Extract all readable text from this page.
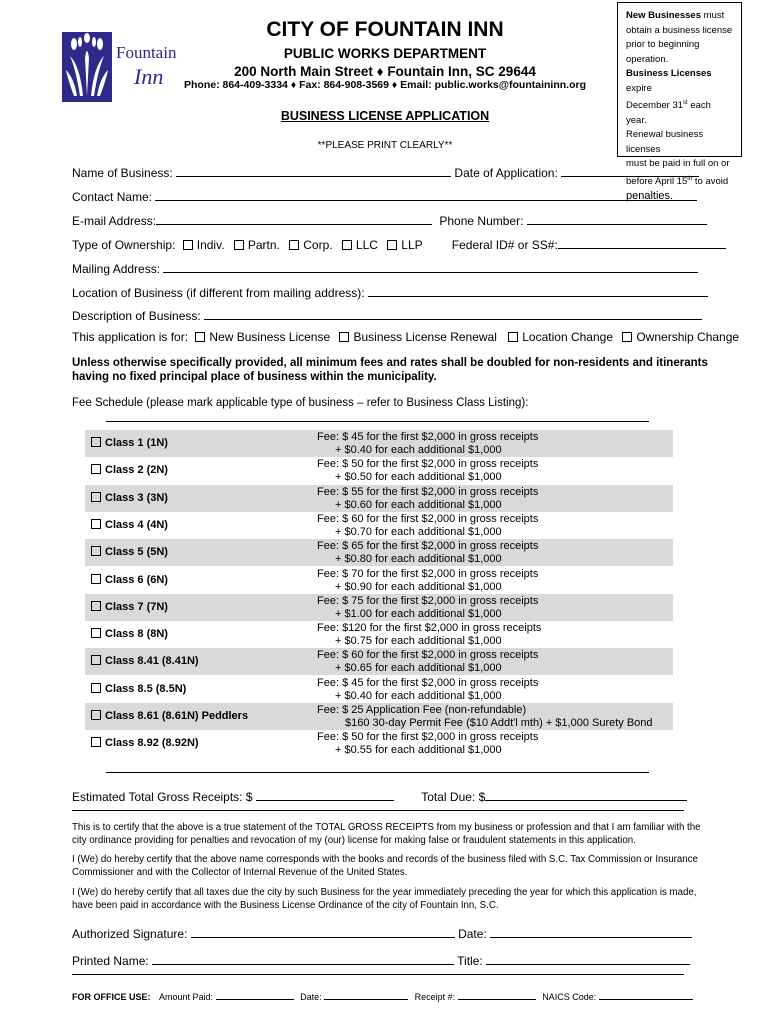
New Businesses must
obtain a business license
prior to beginning
operation.
Business Licenses expire
December 31st each year.
Renewal business licenses
must be paid in full on or
before April 15th to avoid
penalties.
Fountain
Inn
CITY OF FOUNTAIN INN
PUBLIC WORKS DEPARTMENT
200 North Main Street ♦ Fountain Inn, SC 29644
Phone: 864-409-3334 ♦ Fax: 864-908-3569 ♦ Email: public.works@fountaininn.org
BUSINESS LICENSE APPLICATION
**PLEASE PRINT CLEARLY**
Name of Business:	Date of Application:
Contact Name:
E-mail Address:	Phone Number:
Type of Ownership: Indiv. Partn. Corp. LLC LLP Federal ID# or SS#:
Mailing Address:
Location of Business (if different from mailing address):
Description of Business:
This application is for: New Business License Business License Renewal Location Change Ownership Change
Unless otherwise specifically provided, all minimum fees and rates shall be doubled for non-residents and itinerants having no fixed principal place of business within the municipality.
Fee Schedule (please mark applicable type of business – refer to Business Class Listing):
Class 1 (1N)	Fee: $ 45 for the first $2,000 in gross receipts
+ $0.40 for each additional $1,000
Class 2 (2N)	Fee: $ 50 for the first $2,000 in gross receipts
+ $0.50 for each additional $1,000
Class 3 (3N)	Fee: $ 55 for the first $2,000 in gross receipts
+ $0.60 for each additional $1,000
Class 4 (4N)	Fee: $ 60 for the first $2,000 in gross receipts
+ $0.70 for each additional $1,000
Class 5 (5N)	Fee: $ 65 for the first $2,000 in gross receipts
+ $0.80 for each additional $1,000
Class 6 (6N)	Fee: $ 70 for the first $2,000 in gross receipts
+ $0.90 for each additional $1,000
Class 7 (7N)	Fee: $ 75 for the first $2,000 in gross receipts
+ $1.00 for each additional $1,000
Class 8 (8N)	Fee: $120 for the first $2,000 in gross receipts
+ $0.75 for each additional $1,000
Class 8.41 (8.41N)	Fee: $ 60 for the first $2,000 in gross receipts
+ $0.65 for each additional $1,000
Class 8.5 (8.5N)	Fee: $ 45 for the first $2,000 in gross receipts
+ $0.40 for each additional $1,000
Class 8.61 (8.61N) Peddlers	Fee: $ 25 Application Fee (non-refundable)
$160 30-day Permit Fee ($10 Addt'l mth) + $1,000 Surety Bond
Class 8.92 (8.92N)	Fee: $ 50 for the first $2,000 in gross receipts
+ $0.55 for each additional $1,000
Estimated Total Gross Receipts: $	Total Due: $
This is to certify that the above is a true statement of the TOTAL GROSS RECEIPTS from my business or profession and that I am familiar with the city ordinance providing for penalties and revocation of my (our) license for making false or fraudulent statements in this application.
I (We) do hereby certify that the above name corresponds with the books and records of the business filed with S.C. Tax Commission or Insurance Commissioner and with the Collector of Internal Revenue of the United States.
I (We) do hereby certify that all taxes due the city by such Business for the year immediately preceding the year for which this application is made, have been paid in accordance with the Business License Ordinance of the city of Fountain Inn, S.C.
Authorized Signature:	Date:
Printed Name:	Title:
FOR OFFICE USE: Amount Paid:	Date:	Receipt #:	NAICS Code:
